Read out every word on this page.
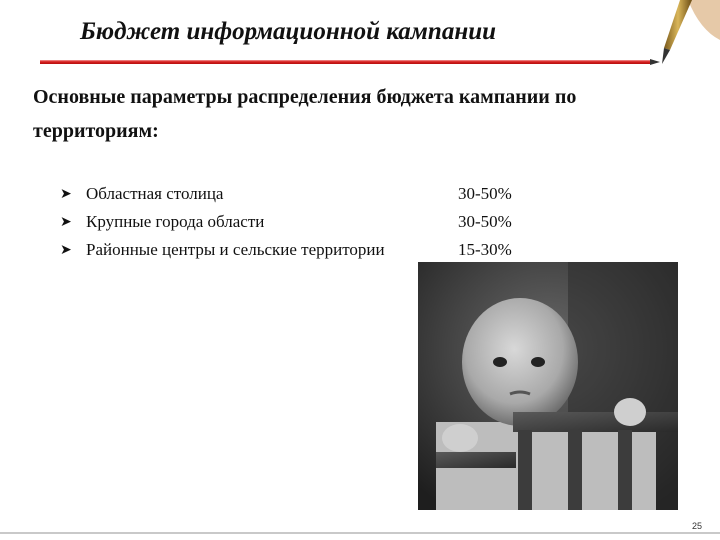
Бюджет информационной кампании
Основные параметры распределения бюджета кампании по территориям:
➤ Областная столица	30-50%
➤ Крупные города области	30-50%
➤ Районные центры и сельские территории	15-30%
25
